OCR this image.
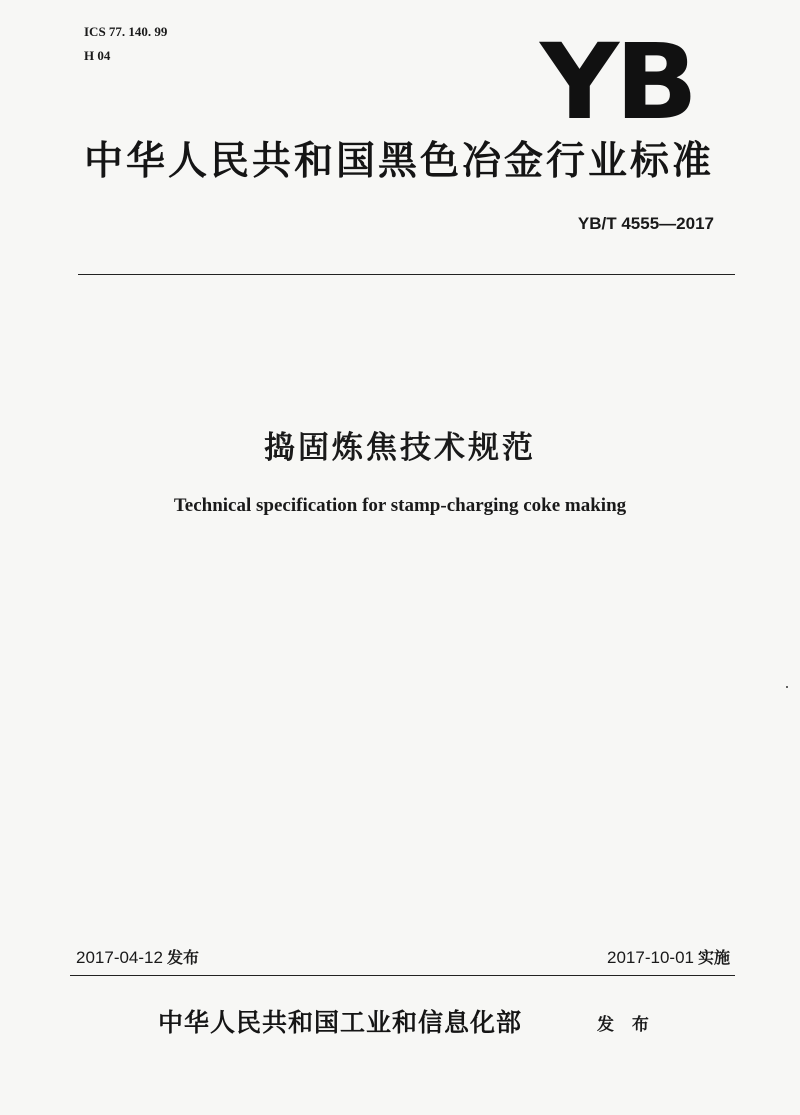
ICS 77. 140. 99
H 04	YB
中华人民共和国黑色冶金行业标准
YB/T 4555—2017
捣固炼焦技术规范
Technical specification for stamp-charging coke making
2017-04-12 发布	2017-10-01 实施
中华人民共和国工业和信息化部	发 布
